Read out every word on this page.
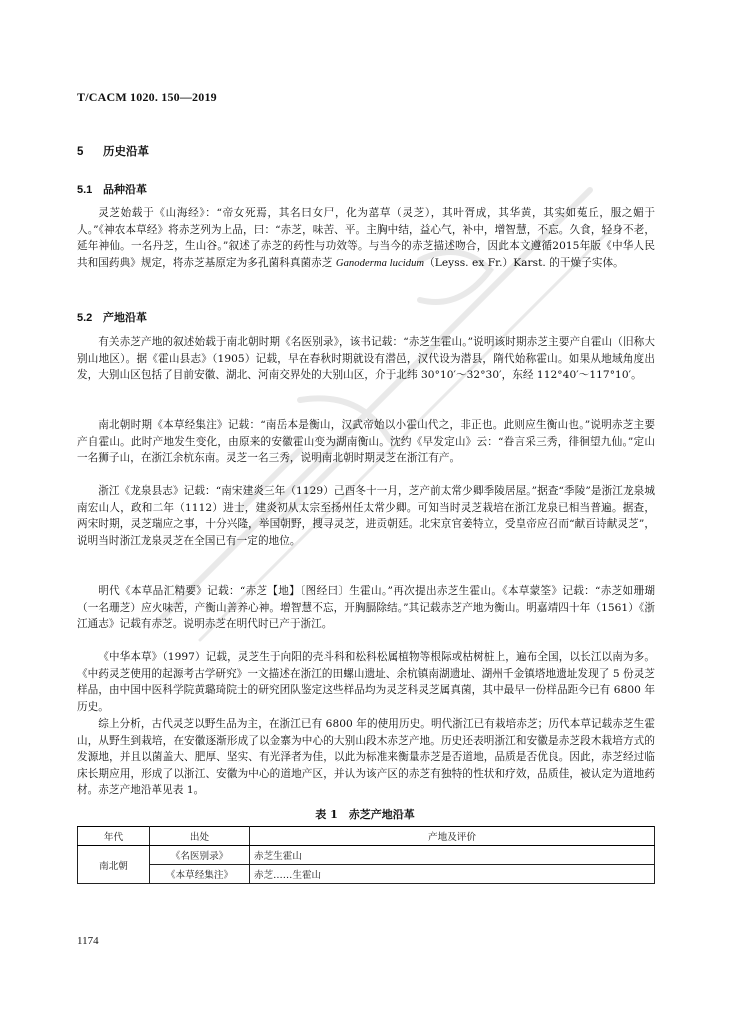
T/CACM 1020. 150—2019
5 历史沿革
5.1 品种沿革

灵芝始载于《山海经》：“帝女死焉，其名曰女尸，化为䔄草（灵芝），其叶胥成，其华黄，其实如菟丘，服之媚于人。”《神农本草经》将赤芝列为上品，曰：“赤芝，味苦、平。主胸中结，益心气，补中，增智慧，不忘。久食，轻身不老，延年神仙。一名丹芝，生山谷。”叙述了赤芝的药性与功效等。与当今的赤芝描述吻合，因此本文遵循2015年版《中华人民共和国药典》规定，将赤芝基原定为多孔菌科真菌赤芝 Ganoderma lucidum（Leyss. ex Fr.）Karst. 的干燥子实体。

5.2 产地沿革

有关赤芝产地的叙述始载于南北朝时期《名医别录》，该书记载：“赤芝生霍山。”说明该时期赤芝主要产自霍山（旧称大别山地区）。据《霍山县志》（1905）记载，早在春秋时期就设有潜邑，汉代设为潜县，隋代始称霍山。如果从地域角度出发，大别山区包括了目前安徽、湖北、河南交界处的大别山区，介于北纬 30°10′～32°30′，东经 112°40′～117°10′。

南北朝时期《本草经集注》记载：“南岳本是衡山，汉武帝始以小霍山代之，非正也。此则应生衡山也。”说明赤芝主要产自霍山。此时产地发生变化，由原来的安徽霍山变为湖南衡山。沈约《早发定山》云：“眷言采三秀，徘徊望九仙。”定山一名狮子山，在浙江余杭东南。灵芝一名三秀，说明南北朝时期灵芝在浙江有产。

浙江《龙泉县志》记载：“南宋建炎三年（1129）己酉冬十一月，芝产前太常少卿季陵居屋。”据查“季陵”是浙江龙泉城南宏山人，政和二年（1112）进士，建炎初从太宗至扬州任太常少卿。可知当时灵芝栽培在浙江龙泉已相当普遍。据查，两宋时期，灵芝瑞应之事，十分兴隆，举国朝野，搜寻灵芝，进贡朝廷。北宋京官姜特立，受皇帝应召而“献百诗献灵芝”，说明当时浙江龙泉灵芝在全国已有一定的地位。

明代《本草品汇精要》记载：“赤芝【地】〔图经曰〕生霍山。”再次提出赤芝生霍山。《本草蒙筌》记载：“赤芝如珊瑚（一名珊芝）应火味苦，产衡山善养心神。增智慧不忘，开胸膈除结。”其记载赤芝产地为衡山。明嘉靖四十年（1561）《浙江通志》记载有赤芝。说明赤芝在明代时已产于浙江。

《中华本草》（1997）记载，灵芝生于向阳的壳斗科和松科松属植物等根际或枯树桩上，遍布全国，以长江以南为多。《中药灵芝使用的起源考古学研究》一文描述在浙江的田螺山遗址、余杭镇南湖遗址、湖州千金镇塔地遗址发现了 5 份灵芝样品，由中国中医科学院黄璐琦院士的研究团队鉴定这些样品均为灵芝科灵芝属真菌，其中最早一份样品距今已有 6800 年历史。

综上分析，古代灵芝以野生品为主，在浙江已有 6800 年的使用历史。明代浙江已有栽培赤芝；历代本草记载赤芝生霍山，从野生到栽培，在安徽逐渐形成了以金寨为中心的大别山段木赤芝产地。历史还表明浙江和安徽是赤芝段木栽培方式的发源地，并且以菌盖大、肥厚、坚实、有光泽者为佳，以此为标准来衡量赤芝是否道地，品质是否优良。因此，赤芝经过临床长期应用，形成了以浙江、安徽为中心的道地产区，并认为该产区的赤芝有独特的性状和疗效，品质佳，被认定为道地药材。赤芝产地沿革见表 1。

表 1　赤芝产地沿革
年代	出处	产地及评价
南北朝	《名医别录》	赤芝生霍山
	《本草经集注》	赤芝……生霍山
1174
